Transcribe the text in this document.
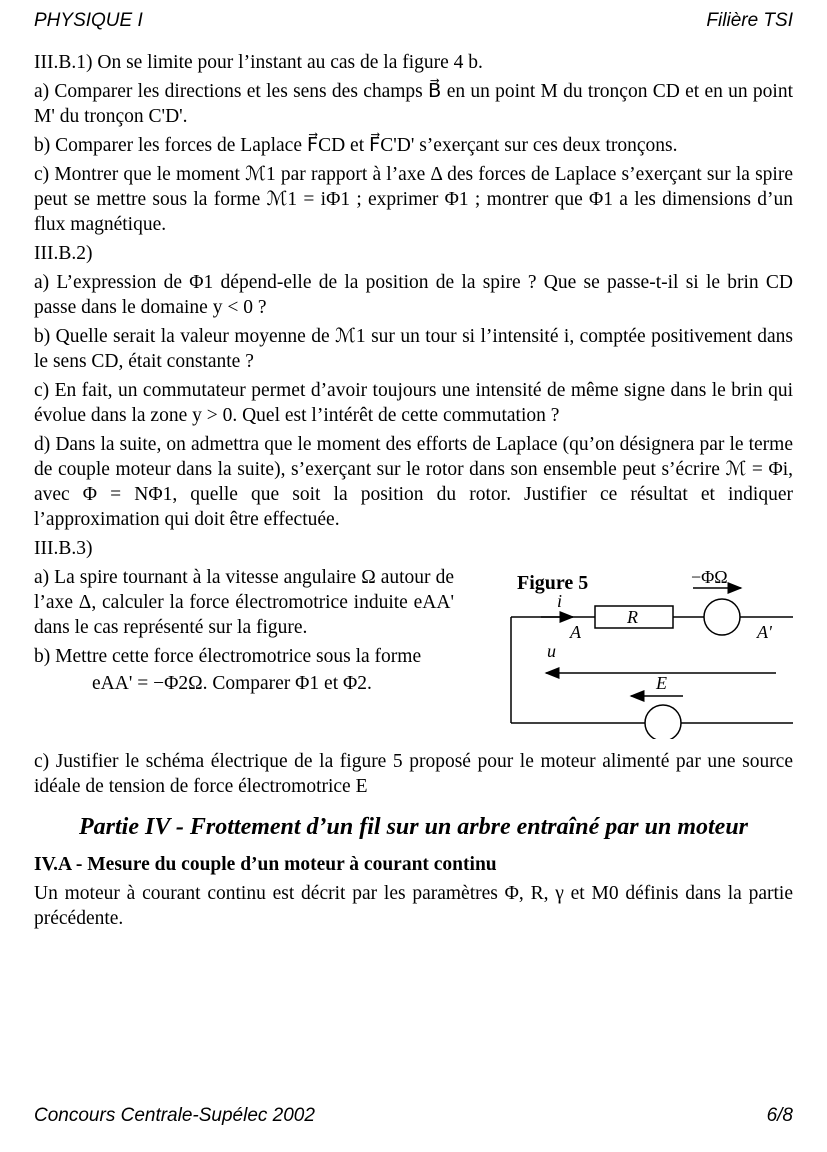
PHYSIQUE I	Filière TSI

III.B.1) On se limite pour l’instant au cas de la figure 4 b.

a) Comparer les directions et les sens des champs B⃗ en un point M du tronçon CD et en un point M' du tronçon C'D'.

b) Comparer les forces de Laplace F⃗CD et F⃗C'D' s’exerçant sur ces deux tronçons.

c) Montrer que le moment ℳ1 par rapport à l’axe Δ des forces de Laplace s’exerçant sur la spire peut se mettre sous la forme ℳ1 = iΦ1 ; exprimer Φ1 ; montrer que Φ1 a les dimensions d’un flux magnétique.

III.B.2)

a) L’expression de Φ1 dépend-elle de la position de la spire ? Que se passe-t-il si le brin CD passe dans le domaine y < 0 ?

b) Quelle serait la valeur moyenne de ℳ1 sur un tour si l’intensité i, comptée positivement dans le sens CD, était constante ?

c) En fait, un commutateur permet d’avoir toujours une intensité de même signe dans le brin qui évolue dans la zone y > 0. Quel est l’intérêt de cette commutation ?

d) Dans la suite, on admettra que le moment des efforts de Laplace (qu’on désignera par le terme de couple moteur dans la suite), s’exerçant sur le rotor dans son ensemble peut s’écrire ℳ = Φi, avec Φ = NΦ1, quelle que soit la position du rotor. Justifier ce résultat et indiquer l’approximation qui doit être effectuée.

III.B.3)

a) La spire tournant à la vitesse angulaire Ω autour de l’axe Δ, calculer la force électromotrice induite eAA' dans le cas représenté sur la figure.

b) Mettre cette force électromotrice sous la forme

eAA' = −Φ2Ω. Comparer Φ1 et Φ2.

Figure 5
i
A
R
−ΦΩ
A'
u
E

c) Justifier le schéma électrique de la figure 5 proposé pour le moteur alimenté par une source idéale de tension de force électromotrice E

Partie IV - Frottement d’un fil sur un arbre entraîné par un moteur

IV.A - Mesure du couple d’un moteur à courant continu

Un moteur à courant continu est décrit par les paramètres Φ, R, γ et M0 définis dans la partie précédente.

Concours Centrale-Supélec 2002	6/8
